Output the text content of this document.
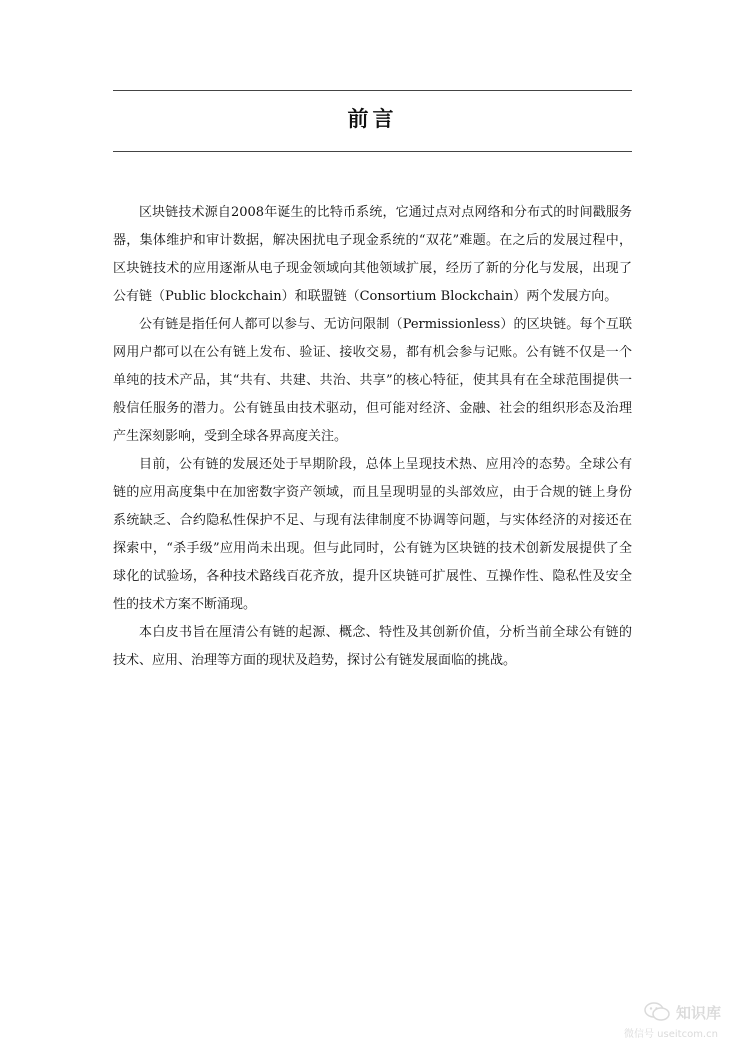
前言

区块链技术源自2008年诞生的比特币系统，它通过点对点网络和分布式的时间戳服务器，集体维护和审计数据，解决困扰电子现金系统的“双花”难题。在之后的发展过程中，区块链技术的应用逐渐从电子现金领域向其他领域扩展，经历了新的分化与发展，出现了公有链（Public blockchain）和联盟链（Consortium Blockchain）两个发展方向。

公有链是指任何人都可以参与、无访问限制（Permissionless）的区块链。每个互联网用户都可以在公有链上发布、验证、接收交易，都有机会参与记账。公有链不仅是一个单纯的技术产品，其“共有、共建、共治、共享”的核心特征，使其具有在全球范围提供一般信任服务的潜力。公有链虽由技术驱动，但可能对经济、金融、社会的组织形态及治理产生深刻影响，受到全球各界高度关注。

目前，公有链的发展还处于早期阶段，总体上呈现技术热、应用冷的态势。全球公有链的应用高度集中在加密数字资产领域，而且呈现明显的头部效应，由于合规的链上身份系统缺乏、合约隐私性保护不足、与现有法律制度不协调等问题，与实体经济的对接还在探索中，“杀手级”应用尚未出现。但与此同时，公有链为区块链的技术创新发展提供了全球化的试验场，各种技术路线百花齐放，提升区块链可扩展性、互操作性、隐私性及安全性的技术方案不断涌现。

本白皮书旨在厘清公有链的起源、概念、特性及其创新价值，分析当前全球公有链的技术、应用、治理等方面的现状及趋势，探讨公有链发展面临的挑战。

知识库
微信号 useitcom.cn
